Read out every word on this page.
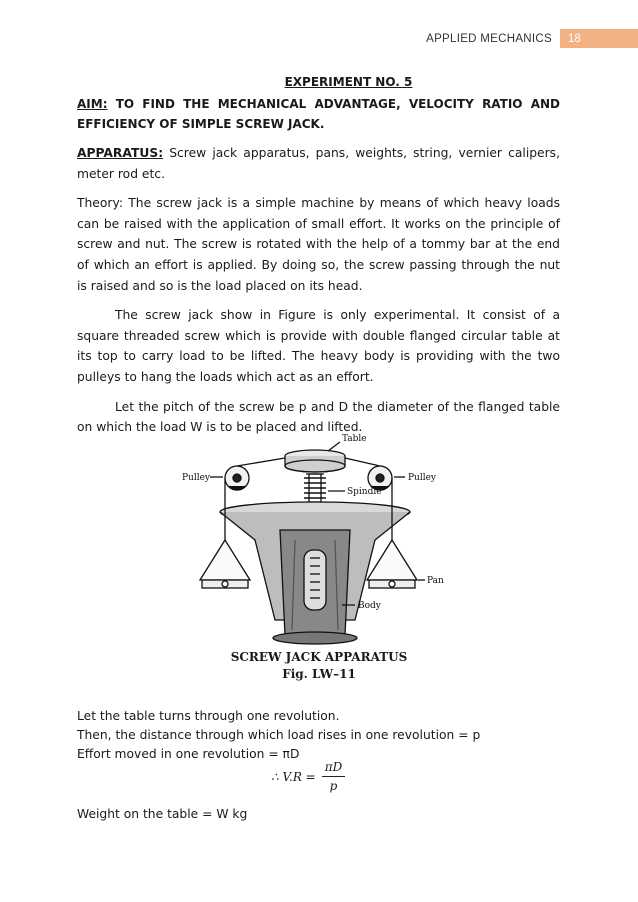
APPLIED MECHANICS	18
EXPERIMENT NO. 5

AIM: TO FIND THE MECHANICAL ADVANTAGE, VELOCITY RATIO AND EFFICIENCY OF SIMPLE SCREW JACK.

APPARATUS: Screw jack apparatus, pans, weights, string, vernier calipers, meter rod etc.

Theory: The screw jack is a simple machine by means of which heavy loads can be raised with the application of small effort. It works on the principle of screw and nut. The screw is rotated with the help of a tommy bar at the end of which an effort is applied. By doing so, the screw passing through the nut is raised and so is the load placed on its head.

The screw jack show in Figure is only experimental. It consist of a square threaded screw which is provide with double flanged circular table at its top to carry load to be lifted. The heavy body is providing with the two pulleys to hang the loads which act as an effort.

Let the pitch of the screw be p and D the diameter of the flanged table on which the load W is to be placed and lifted.

Table
Pulley	Pulley
Spindle
Pan
Body
SCREW JACK APPARATUS
Fig. LW–11
Let the table turns through one revolution.
Then, the distance through which load rises in one revolution = p
Effort moved in one revolution = πD
∴ $V.R = \frac{\pi D}{p}$
Weight on the table = W kg
